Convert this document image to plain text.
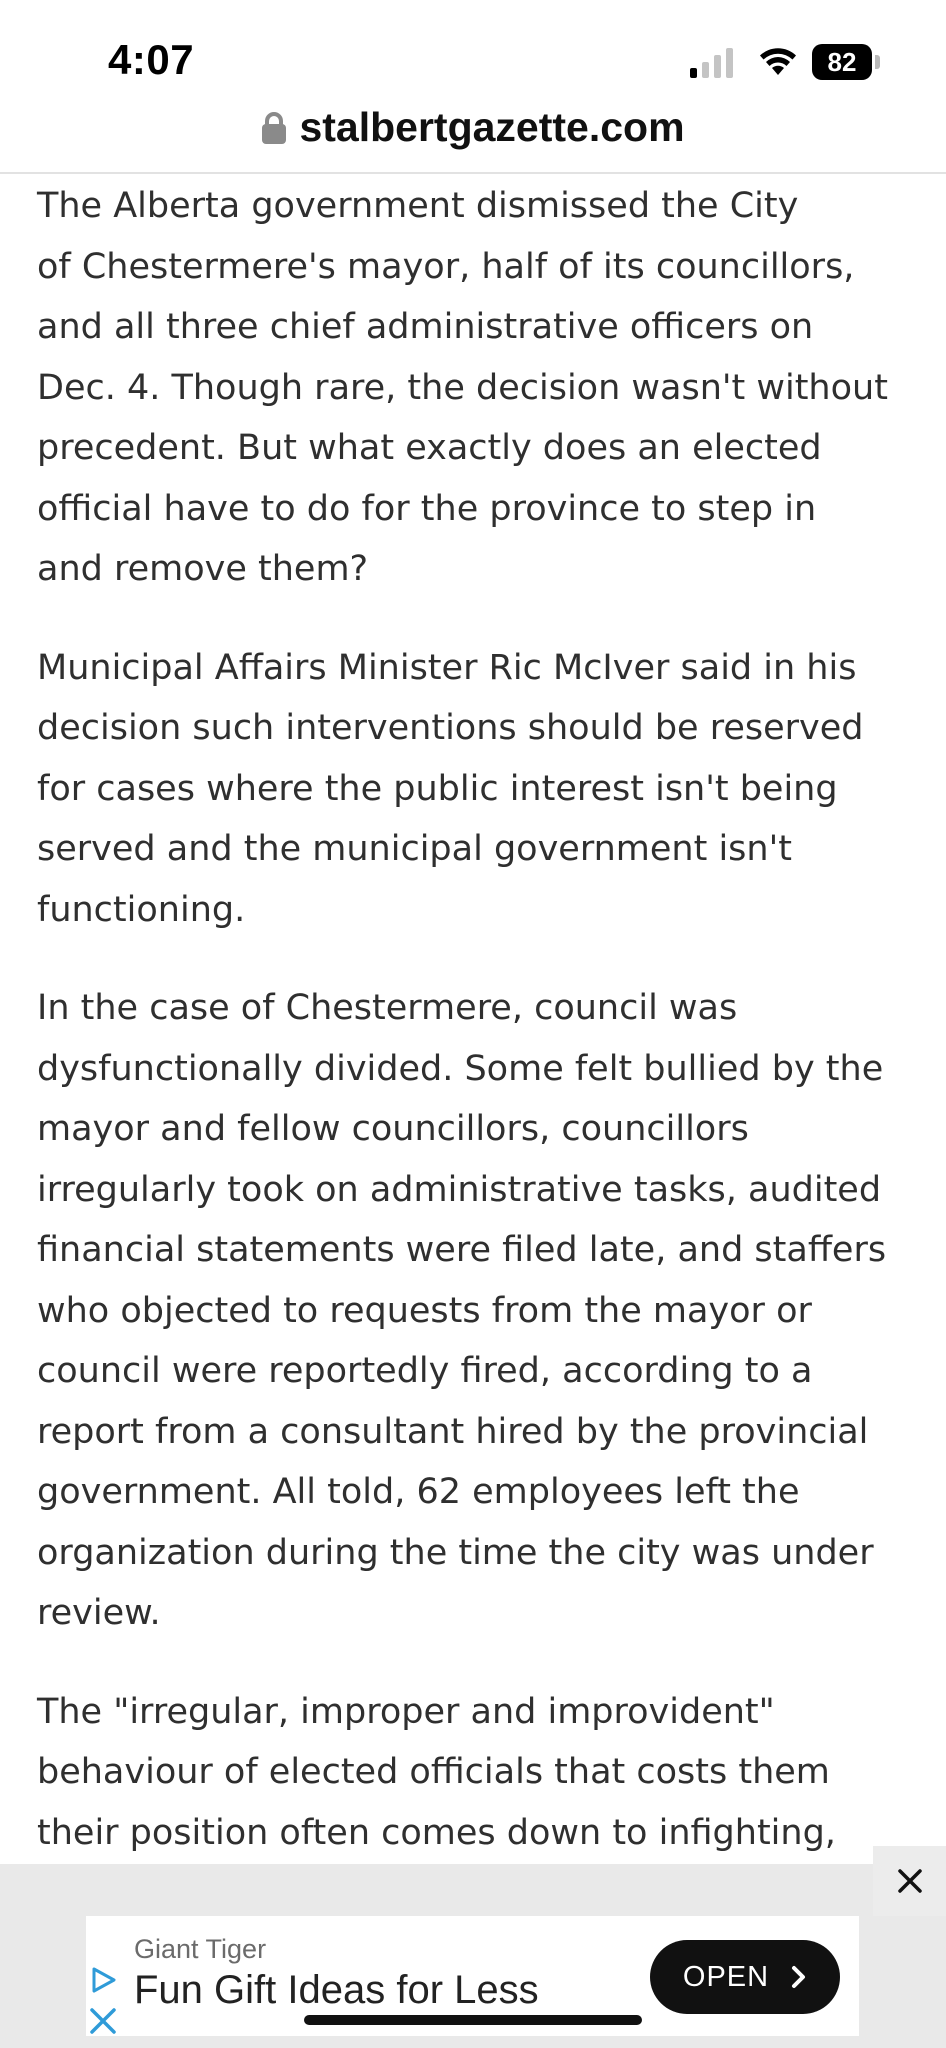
4:07	82
stalbertgazette.com

The Alberta government dismissed the City
of Chestermere's mayor, half of its councillors,
and all three chief administrative officers on
Dec. 4. Though rare, the decision wasn't without
precedent. But what exactly does an elected
official have to do for the province to step in
and remove them?

Municipal Affairs Minister Ric McIver said in his
decision such interventions should be reserved
for cases where the public interest isn't being
served and the municipal government isn't
functioning.

In the case of Chestermere, council was
dysfunctionally divided. Some felt bullied by the
mayor and fellow councillors, councillors
irregularly took on administrative tasks, audited
financial statements were filed late, and staffers
who objected to requests from the mayor or
council were reportedly fired, according to a
report from a consultant hired by the provincial
government. All told, 62 employees left the
organization during the time the city was under
review.

The "irregular, improper and improvident"
behaviour of elected officials that costs them
their position often comes down to infighting,

Giant Tiger
Fun Gift Ideas for Less	OPEN
